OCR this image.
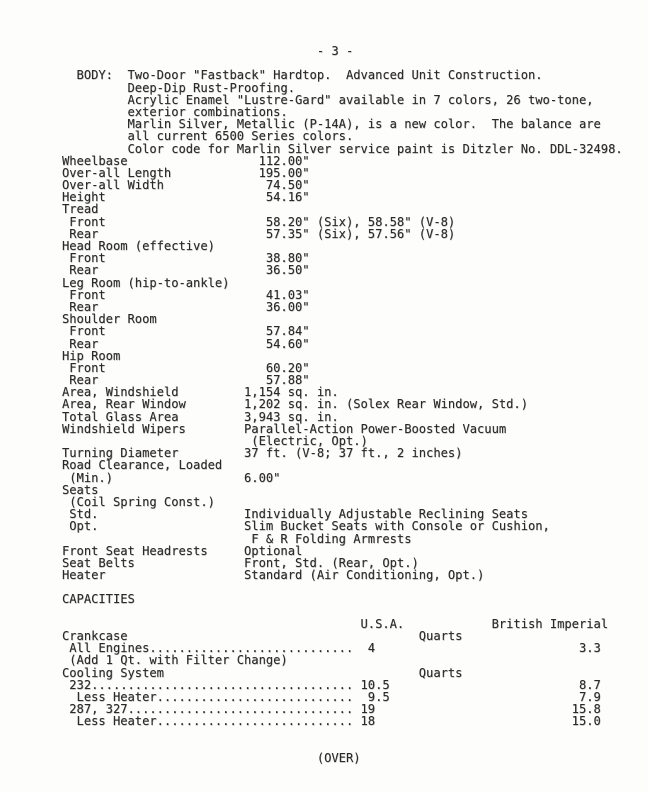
- 3 -

BODY:  Two-Door "Fastback" Hardtop.  Advanced Unit Construction.
Deep-Dip Rust-Proofing.
Acrylic Enamel "Lustre-Gard" available in 7 colors, 26 two-tone,
exterior combinations.
Marlin Silver, Metallic (P-14A), is a new color.  The balance are
all current 6500 Series colors.
Color code for Marlin Silver service paint is Ditzler No. DDL-32498.
Wheelbase                  112.00"
Over-all Length            195.00"
Over-all Width              74.50"
Height                      54.16"
Tread
Front                      58.20" (Six), 58.58" (V-8)
Rear                       57.35" (Six), 57.56" (V-8)
Head Room (effective)
Front                      38.80"
Rear                       36.50"
Leg Room (hip-to-ankle)
Front                      41.03"
Rear                       36.00"
Shoulder Room
Front                      57.84"
Rear                       54.60"
Hip Room
Front                      60.20"
Rear                       57.88"
Area, Windshield         1,154 sq. in.
Area, Rear Window        1,202 sq. in. (Solex Rear Window, Std.)
Total Glass Area         3,943 sq. in.
Windshield Wipers        Parallel-Action Power-Boosted Vacuum
(Electric, Opt.)
Turning Diameter         37 ft. (V-8; 37 ft., 2 inches)
Road Clearance, Loaded
(Min.)                  6.00"
Seats
(Coil Spring Const.)
Std.                    Individually Adjustable Reclining Seats
Opt.                    Slim Bucket Seats with Console or Cushion,
F & R Folding Armrests
Front Seat Headrests     Optional
Seat Belts               Front, Std. (Rear, Opt.)
Heater                   Standard (Air Conditioning, Opt.)

CAPACITIES

U.S.A.            British Imperial
Crankcase                                        Quarts
All Engines............................  4                            3.3
(Add 1 Qt. with Filter Change)
Cooling System                                   Quarts
232.................................... 10.5                          8.7
Less Heater...........................  9.5                          7.9
287, 327............................... 19                           15.8
Less Heater........................... 18                           15.0

(OVER)
